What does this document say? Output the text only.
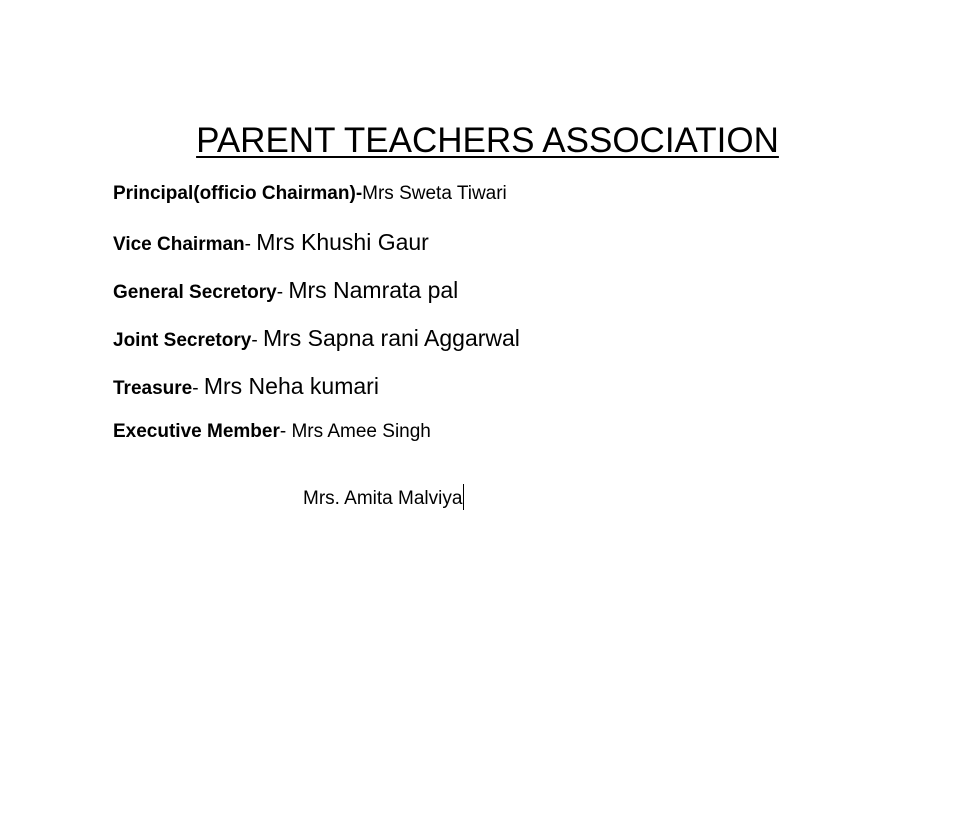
PARENT TEACHERS ASSOCIATION

Principal(officio Chairman)-Mrs Sweta Tiwari

Vice Chairman- Mrs Khushi Gaur

General Secretory- Mrs Namrata pal

Joint Secretory- Mrs Sapna rani Aggarwal

Treasure- Mrs Neha kumari

Executive Member- Mrs Amee Singh

Mrs. Amita Malviya
